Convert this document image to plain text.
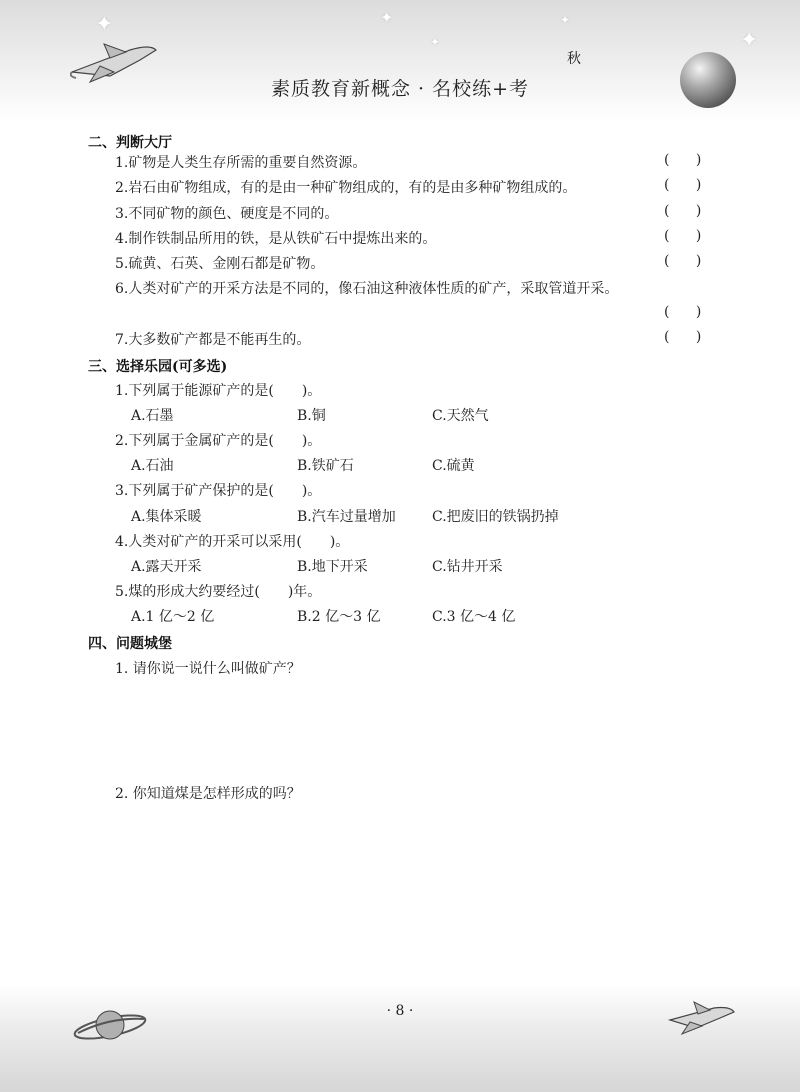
✦	✦
✦	✦
✦
秋
素质教育新概念 · 名校练+考
二、判断大厅
1.矿物是人类生存所需的重要自然资源。	( )
2.岩石由矿物组成，有的是由一种矿物组成的，有的是由多种矿物组成的。	( )
3.不同矿物的颜色、硬度是不同的。	( )
4.制作铁制品所用的铁，是从铁矿石中提炼出来的。	( )
5.硫黄、石英、金刚石都是矿物。	( )
6.人类对矿产的开采方法是不同的，像石油这种液体性质的矿产，采取管道开采。
( )
7.大多数矿产都是不能再生的。	( )
三、选择乐园(可多选)
1.下列属于能源矿产的是(　　)。
A.石墨	B.铜	C.天然气
2.下列属于金属矿产的是(　　)。
A.石油	B.铁矿石	C.硫黄
3.下列属于矿产保护的是(　　)。
A.集体采暖	B.汽车过量增加	C.把废旧的铁锅扔掉
4.人类对矿产的开采可以采用(　　)。
A.露天开采	B.地下开采	C.钻井开采
5.煤的形成大约要经过(　　)年。
A.1 亿～2 亿	B.2 亿～3 亿	C.3 亿～4 亿
四、问题城堡
1. 请你说一说什么叫做矿产？
2. 你知道煤是怎样形成的吗？
· 8 ·
